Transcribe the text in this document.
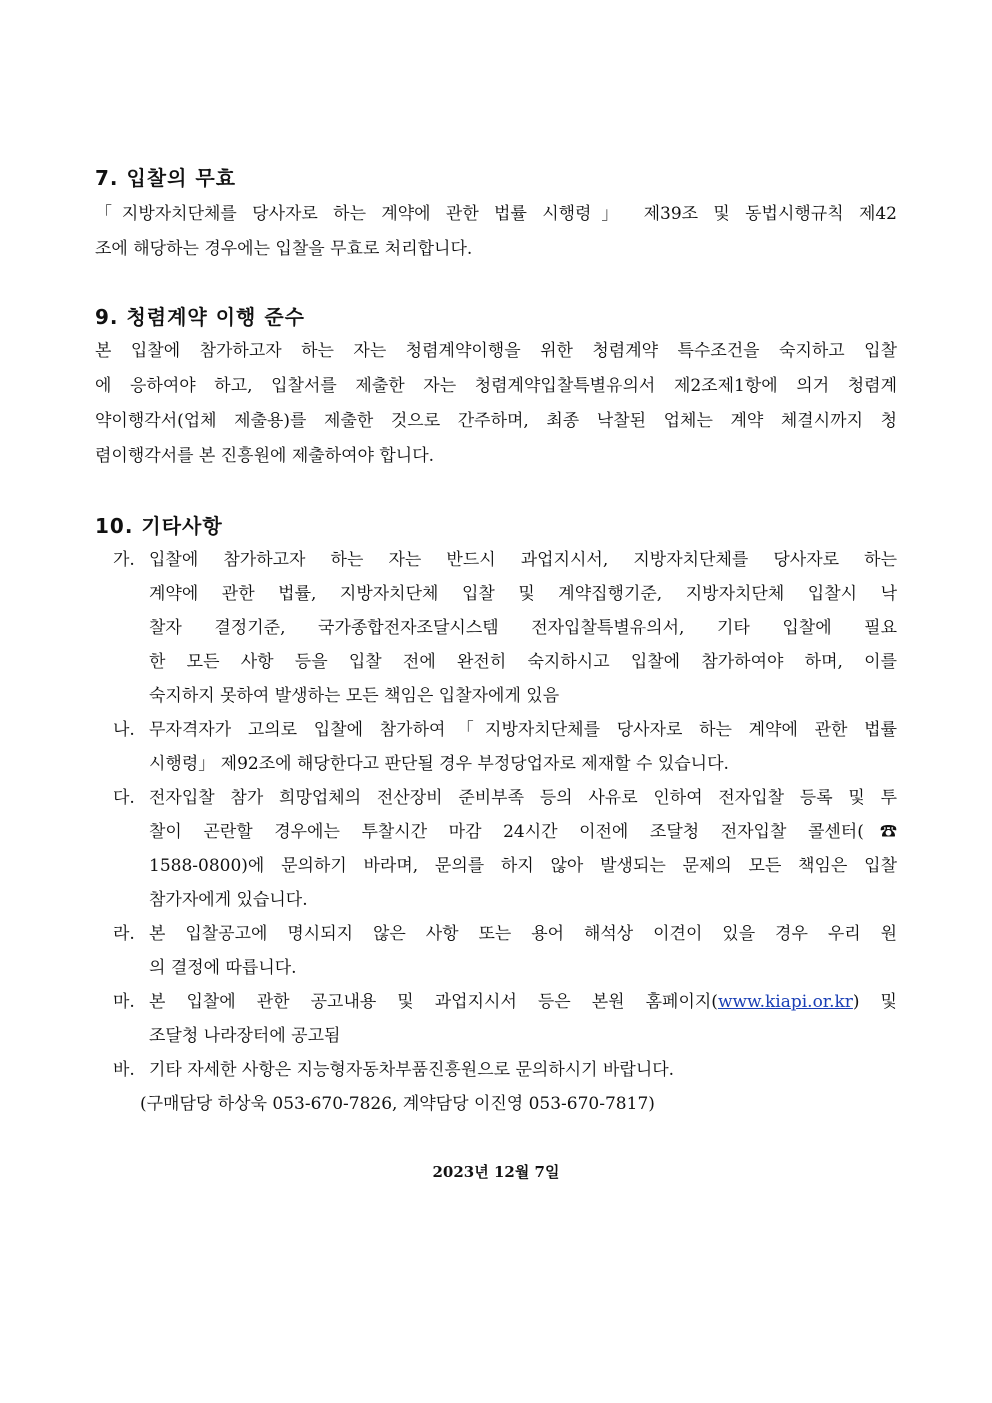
7. 입찰의 무효
「지방자치단체를 당사자로 하는 계약에 관한 법률 시행령」 제39조 및 동법시행규칙 제42
조에 해당하는 경우에는 입찰을 무효로 처리합니다.
9. 청렴계약 이행 준수
본 입찰에 참가하고자 하는 자는 청렴계약이행을 위한 청렴계약 특수조건을 숙지하고 입찰
에 응하여야 하고, 입찰서를 제출한 자는 청렴계약입찰특별유의서 제2조제1항에 의거 청렴계
약이행각서(업체 제출용)를 제출한 것으로 간주하며, 최종 낙찰된 업체는 계약 체결시까지 청
렴이행각서를 본 진흥원에 제출하여야 합니다.
10. 기타사항
가. 입찰에 참가하고자 하는 자는 반드시 과업지시서, 지방자치단체를 당사자로 하는
계약에 관한 법률, 지방자치단체 입찰 및 계약집행기준, 지방자치단체 입찰시 낙
찰자 결정기준, 국가종합전자조달시스템 전자입찰특별유의서, 기타 입찰에 필요
한 모든 사항 등을 입찰 전에 완전히 숙지하시고 입찰에 참가하여야 하며, 이를
숙지하지 못하여 발생하는 모든 책임은 입찰자에게 있음
나. 무자격자가 고의로 입찰에 참가하여「지방자치단체를 당사자로 하는 계약에 관한 법률
시행령」 제92조에 해당한다고 판단될 경우 부정당업자로 제재할 수 있습니다.
다. 전자입찰 참가 희망업체의 전산장비 준비부족 등의 사유로 인하여 전자입찰 등록 및 투
찰이 곤란할 경우에는 투찰시간 마감 24시간 이전에 조달청 전자입찰 콜센터(☎
1588-0800)에 문의하기 바라며, 문의를 하지 않아 발생되는 문제의 모든 책임은 입찰
참가자에게 있습니다.
라. 본 입찰공고에 명시되지 않은 사항 또는 용어 해석상 이견이 있을 경우 우리 원
의 결정에 따릅니다.
마. 본 입찰에 관한 공고내용 및 과업지시서 등은 본원 홈페이지(www.kiapi.or.kr) 및
조달청 나라장터에 공고됨
바. 기타 자세한 사항은 지능형자동차부품진흥원으로 문의하시기 바랍니다.
(구매담당 하상욱 053-670-7826, 계약담당 이진영 053-670-7817)
2023년 12월 7일
